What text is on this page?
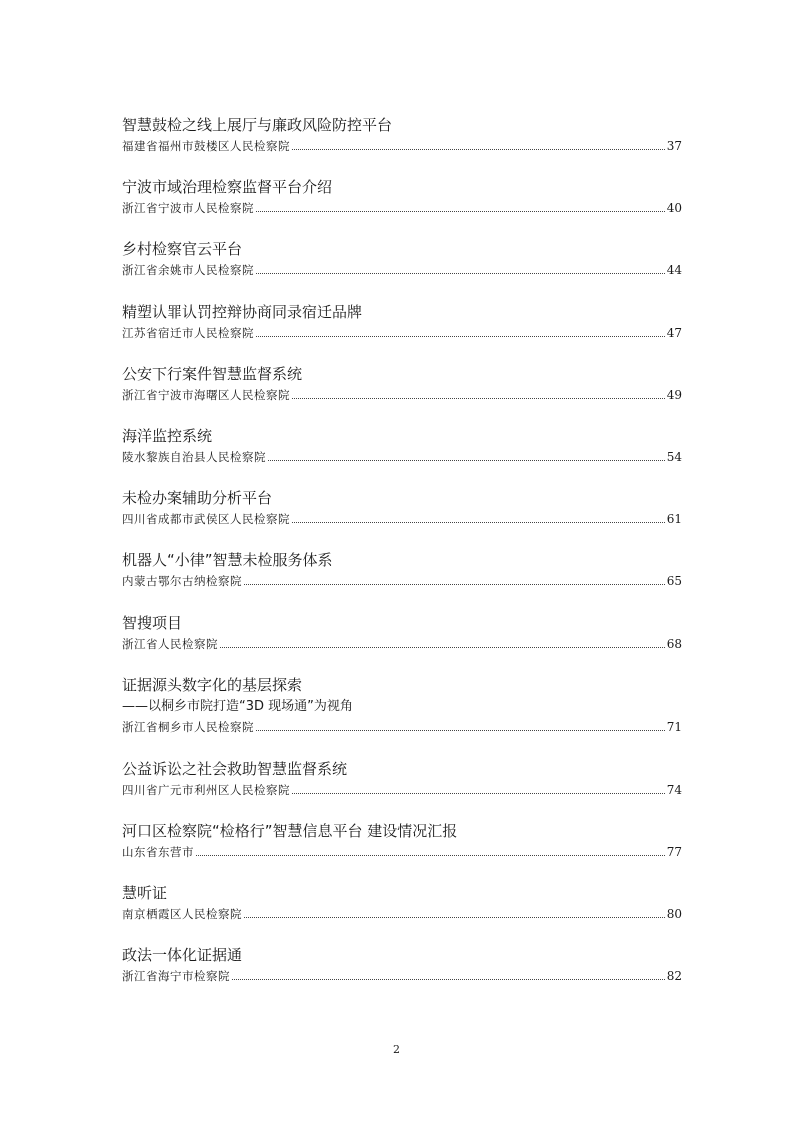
智慧鼓检之线上展厅与廉政风险防控平台
福建省福州市鼓楼区人民检察院	37
宁波市域治理检察监督平台介绍
浙江省宁波市人民检察院	40
乡村检察官云平台
浙江省余姚市人民检察院	44
精塑认罪认罚控辩协商同录宿迁品牌
江苏省宿迁市人民检察院	47
公安下行案件智慧监督系统
浙江省宁波市海曙区人民检察院	49
海洋监控系统
陵水黎族自治县人民检察院	54
未检办案辅助分析平台
四川省成都市武侯区人民检察院	61
机器人“小律”智慧未检服务体系
内蒙古鄂尔古纳检察院	65
智搜项目
浙江省人民检察院	68
证据源头数字化的基层探索
——以桐乡市院打造“3D 现场通”为视角
浙江省桐乡市人民检察院	71
公益诉讼之社会救助智慧监督系统
四川省广元市利州区人民检察院	74
河口区检察院“检格行”智慧信息平台 建设情况汇报
山东省东营市	77
慧听证
南京栖霞区人民检察院	80
政法一体化证据通
浙江省海宁市检察院	82
2
